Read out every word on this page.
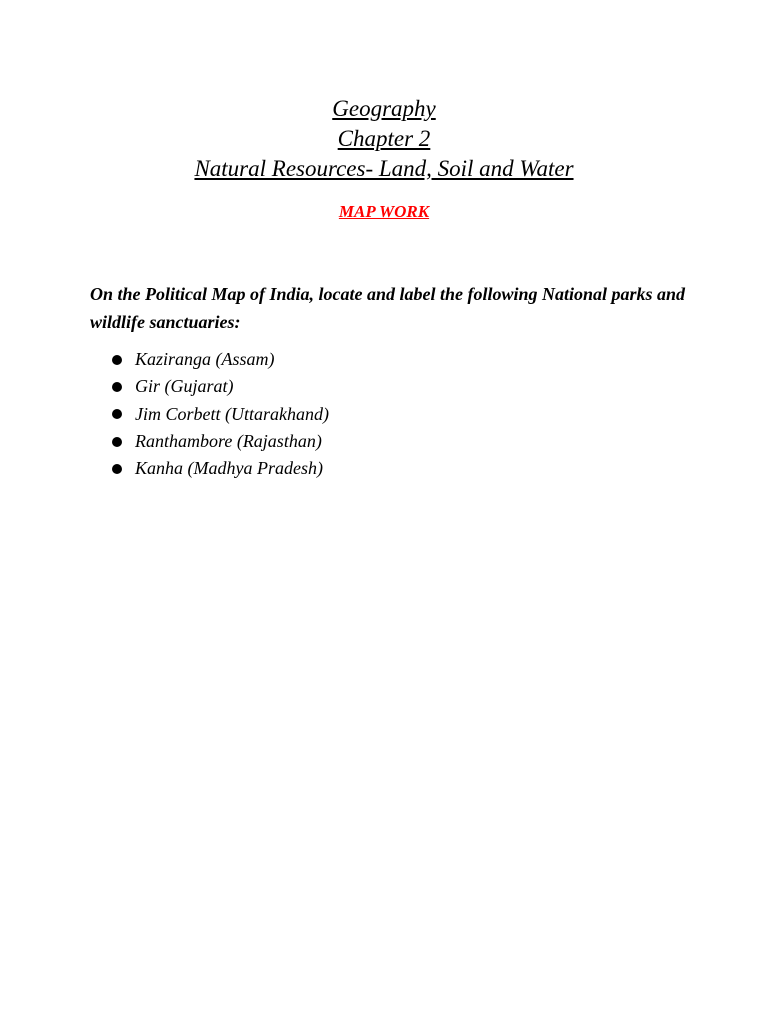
Geography
Chapter 2
Natural Resources- Land, Soil and Water
MAP WORK
On the Political Map of India, locate and label the following National parks and wildlife sanctuaries:
Kaziranga (Assam)
Gir (Gujarat)
Jim Corbett (Uttarakhand)
Ranthambore (Rajasthan)
Kanha (Madhya Pradesh)
